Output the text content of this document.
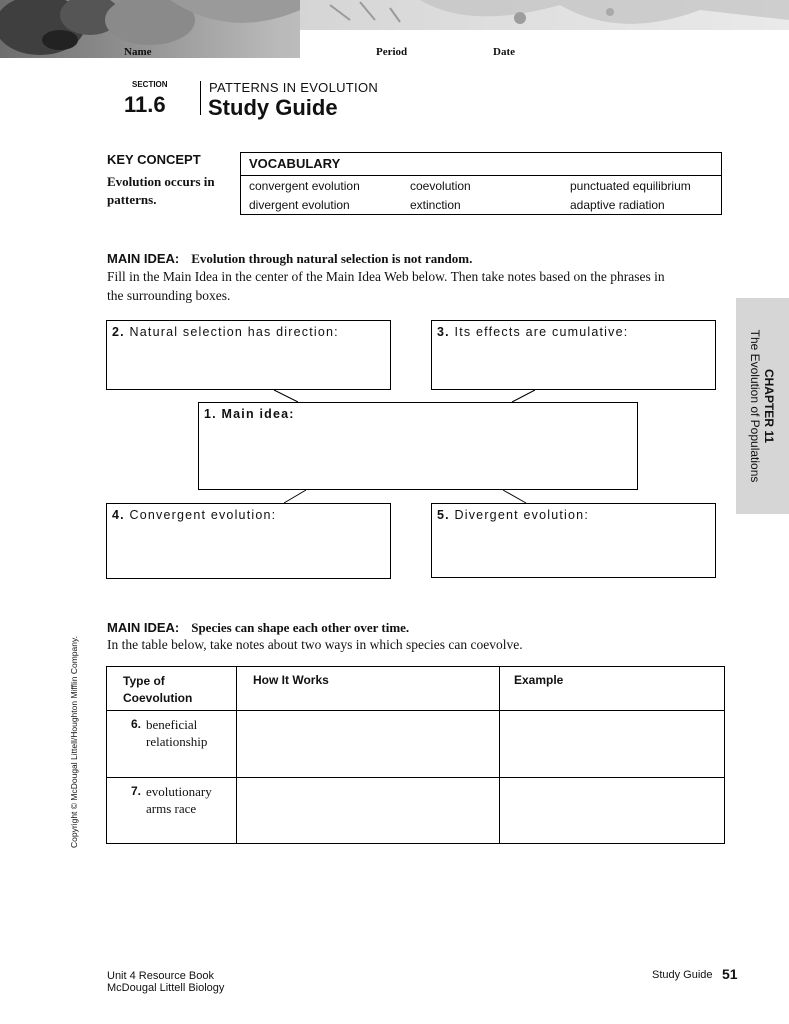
Name	Period	Date
SECTION
11.6
PATTERNS IN EVOLUTION
Study Guide
KEY CONCEPT
Evolution occurs in patterns.
VOCABULARY
convergent evolution	coevolution	punctuated equilibrium
divergent evolution	extinction	adaptive radiation
MAIN IDEA: Evolution through natural selection is not random.
Fill in the Main Idea in the center of the Main Idea Web below. Then take notes based on the phrases in the surrounding boxes.
2. Natural selection has direction:	3. Its effects are cumulative:
1. Main idea:
4. Convergent evolution:	5. Divergent evolution:
CHAPTER 11
The Evolution of Populations
Copyright © McDougal Littell/Houghton Mifflin Company.
MAIN IDEA: Species can shape each other over time.
In the table below, take notes about two ways in which species can coevolve.
Type of
Coevolution	How It Works	Example

6. beneficial
relationship		

7. evolutionary
arms race		

Unit 4 Resource Book
McDougal Littell Biology
Study Guide 51
